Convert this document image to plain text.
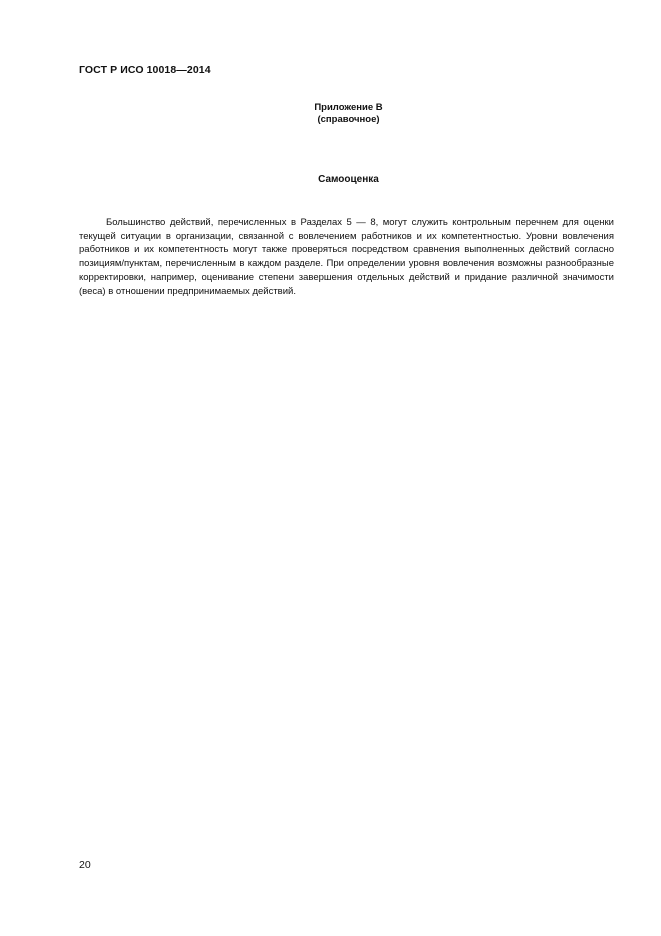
ГОСТ Р ИСО 10018—2014
Приложение В
(справочное)
Самооценка

Большинство действий, перечисленных в Разделах 5 — 8, могут служить контрольным перечнем для оценки текущей ситуации в организации, связанной с вовлечением работников и их компетентностью. Уровни вовлечения работников и их компетентность могут также проверяться посредством сравнения выполненных действий согласно позициям/пунктам, перечисленным в каждом разделе. При определении уровня вовлечения возможны разнообразные корректировки, например, оценивание степени завершения отдельных действий и придание различной значимости (веса) в отношении предпринимаемых действий.

20
